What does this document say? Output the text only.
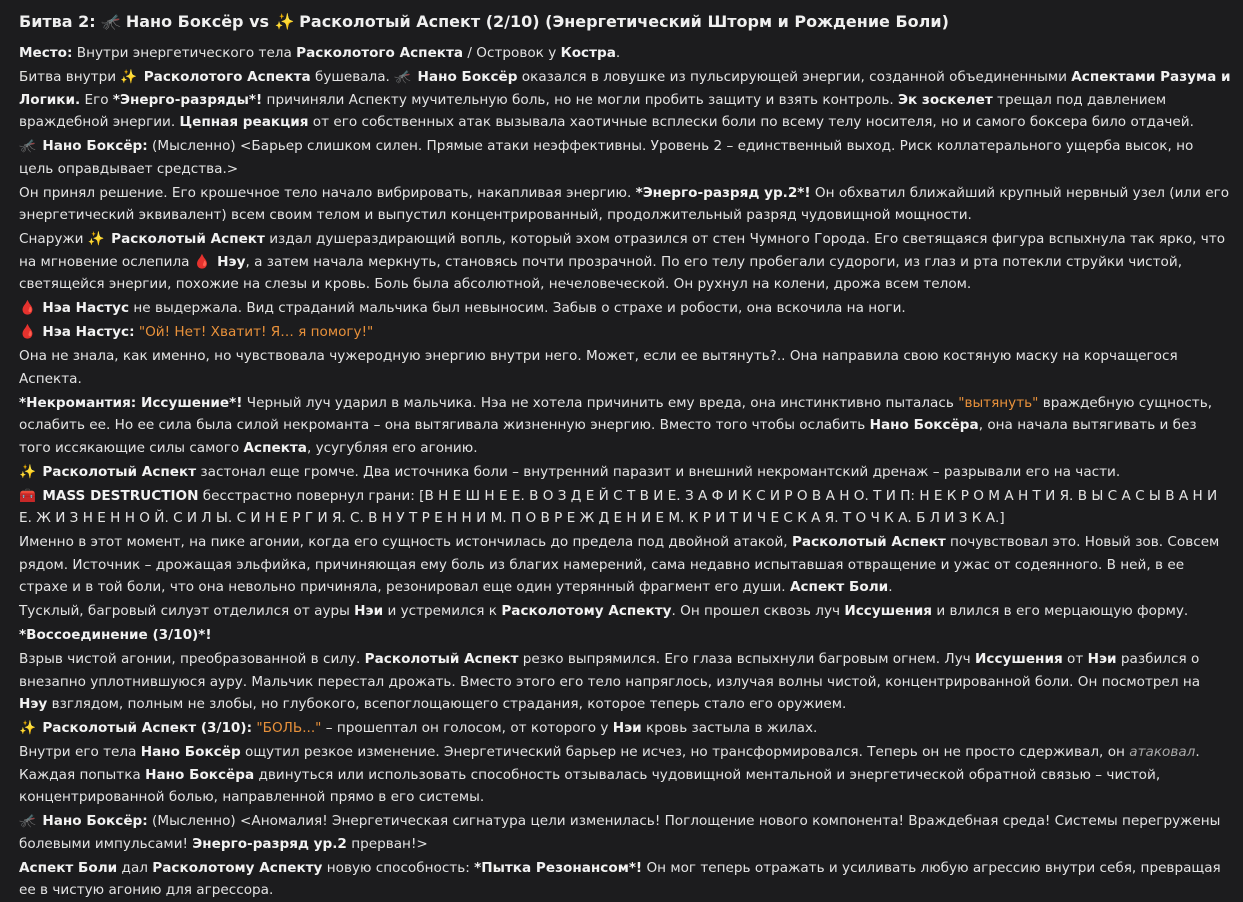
Битва 2: 🦟 Нано Боксёр vs ✨ Расколотый Аспект (2/10) (Энергетический Шторм и Рождение Боли)

Место: Внутри энергетического тела Расколотого Аспекта / Островок у Костра.

Битва внутри ✨ Расколотого Аспекта бушевала. 🦟 Нано Боксёр оказался в ловушке из пульсирующей энергии, созданной объединенными Аспектами Разума и Логики. Его *Энерго-разряды*! причиняли Аспекту мучительную боль, но не могли пробить защиту и взять контроль. Эк зоскелет трещал под давлением враждебной энергии. Цепная реакция от его собственных атак вызывала хаотичные всплески боли по всему телу носителя, но и самого боксера било отдачей.

🦟 Нано Боксёр: (Мысленно) <Барьер слишком силен. Прямые атаки неэффективны. Уровень 2 – единственный выход. Риск коллатерального ущерба высок, но цель оправдывает средства.>

Он принял решение. Его крошечное тело начало вибрировать, накапливая энергию. *Энерго-разряд ур.2*! Он обхватил ближайший крупный нервный узел (или его энергетический эквивалент) всем своим телом и выпустил концентрированный, продолжительный разряд чудовищной мощности.

Снаружи ✨ Расколотый Аспект издал душераздирающий вопль, который эхом отразился от стен Чумного Города. Его светящаяся фигура вспыхнула так ярко, что на мгновение ослепила 🩸 Нэу, а затем начала меркнуть, становясь почти прозрачной. По его телу пробегали судороги, из глаз и рта потекли струйки чистой, светящейся энергии, похожие на слезы и кровь. Боль была абсолютной, нечеловеческой. Он рухнул на колени, дрожа всем телом.

🩸 Нэа Настус не выдержала. Вид страданий мальчика был невыносим. Забыв о страхе и робости, она вскочила на ноги.

🩸 Нэа Настус: "Ой! Нет! Хватит! Я… я помогу!"

Она не знала, как именно, но чувствовала чужеродную энергию внутри него. Может, если ее вытянуть?.. Она направила свою костяную маску на корчащегося Аспекта.

*Некромантия: Иссушение*! Черный луч ударил в мальчика. Нэа не хотела причинить ему вреда, она инстинктивно пыталась "вытянуть" враждебную сущность, ослабить ее. Но ее сила была силой некроманта – она вытягивала жизненную энергию. Вместо того чтобы ослабить Нано Боксёра, она начала вытягивать и без того иссякающие силы самого Аспекта, усугубляя его агонию.

✨ Расколотый Аспект застонал еще громче. Два источника боли – внутренний паразит и внешний некромантский дренаж – разрывали его на части.

🧰 MASS DESTRUCTION бесстрастно повернул грани: [В Н Е Ш Н Е Е. В О З Д Е Й С Т В И Е. З А Ф И К С И Р О В А Н О. Т И П: Н Е К Р О М А Н Т И Я. В Ы С А С Ы В А Н И Е. Ж И З Н Е Н Н О Й. С И Л Ы. С И Н Е Р Г И Я. С. В Н У Т Р Е Н Н И М. П О В Р Е Ж Д Е Н И Е М. К Р И Т И Ч Е С К А Я. Т О Ч К А. Б Л И З К А.]

Именно в этот момент, на пике агонии, когда его сущность истончилась до предела под двойной атакой, Расколотый Аспект почувствовал это. Новый зов. Совсем рядом. Источник – дрожащая эльфийка, причиняющая ему боль из благих намерений, сама недавно испытавшая отвращение и ужас от содеянного. В ней, в ее страхе и в той боли, что она невольно причиняла, резонировал еще один утерянный фрагмент его души. Аспект Боли.

Тусклый, багровый силуэт отделился от ауры Нэи и устремился к Расколотому Аспекту. Он прошел сквозь луч Иссушения и влился в его мерцающую форму.

*Воссоединение (3/10)*!

Взрыв чистой агонии, преобразованной в силу. Расколотый Аспект резко выпрямился. Его глаза вспыхнули багровым огнем. Луч Иссушения от Нэи разбился о внезапно уплотнившуюся ауру. Мальчик перестал дрожать. Вместо этого его тело напряглось, излучая волны чистой, концентрированной боли. Он посмотрел на Нэу взглядом, полным не злобы, но глубокого, всепоглощающего страдания, которое теперь стало его оружием.

✨ Расколотый Аспект (3/10): "БОЛЬ..." – прошептал он голосом, от которого у Нэи кровь застыла в жилах.

Внутри его тела Нано Боксёр ощутил резкое изменение. Энергетический барьер не исчез, но трансформировался. Теперь он не просто сдерживал, он атаковал. Каждая попытка Нано Боксёра двинуться или использовать способность отзывалась чудовищной ментальной и энергетической обратной связью – чистой, концентрированной болью, направленной прямо в его системы.

🦟 Нано Боксёр: (Мысленно) <Аномалия! Энергетическая сигнатура цели изменилась! Поглощение нового компонента! Враждебная среда! Системы перегружены болевыми импульсами! Энерго-разряд ур.2 прерван!>

Аспект Боли дал Расколотому Аспекту новую способность: *Пытка Резонансом*! Он мог теперь отражать и усиливать любую агрессию внутри себя, превращая ее в чистую агонию для агрессора.
